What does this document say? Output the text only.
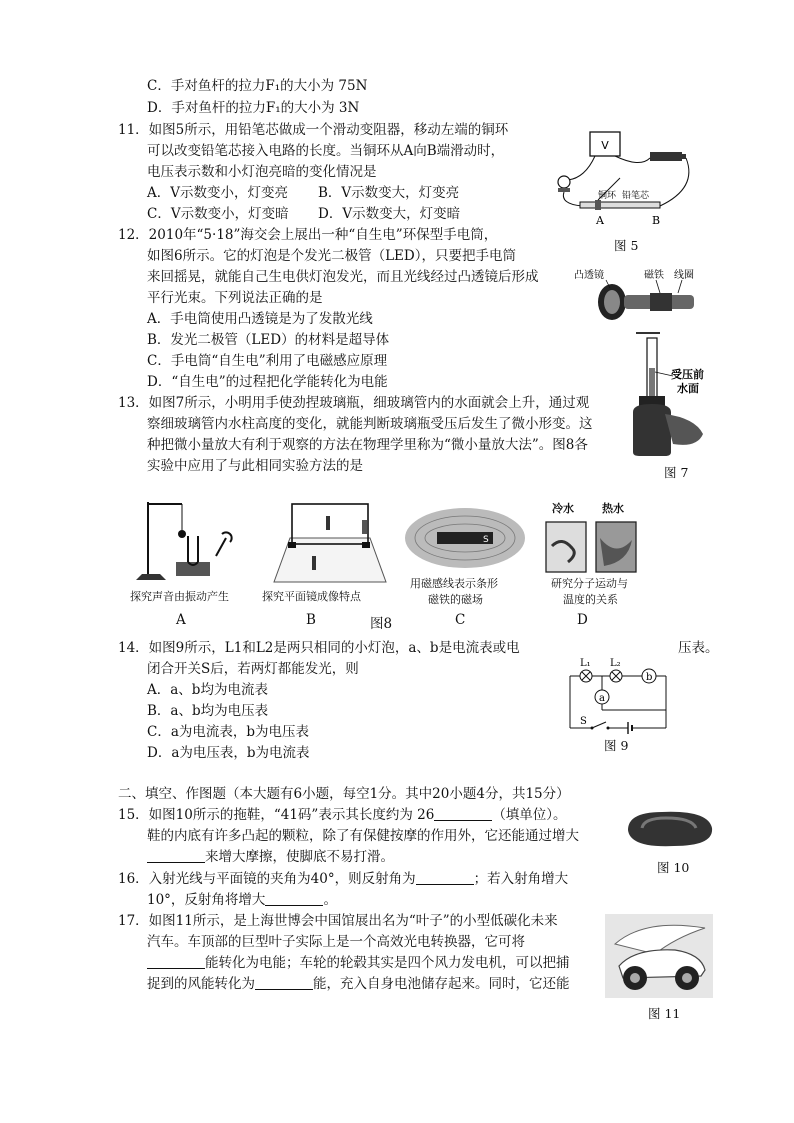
C．手对鱼杆的拉力F₁的大小为 75N
D．手对鱼杆的拉力F₁的大小为 3N
11．如图5所示，用铅笔芯做成一个滑动变阻器，移动左端的铜环
可以改变铅笔芯接入电路的长度。当铜环从A向B端滑动时，
电压表示数和小灯泡亮暗的变化情况是
A．V示数变小，灯变亮 B．V示数变大，灯变亮
C．V示数变小，灯变暗 D．V示数变大，灯变暗
V
铜环 铅笔芯
A	B
图 5
12．2010年“5·18”海交会上展出一种“自生电”环保型手电筒，
如图6所示。它的灯泡是个发光二极管（LED），只要把手电筒
来回摇晃，就能自己生电供灯泡发光，而且光线经过凸透镜后形成
平行光束。下列说法正确的是
A．手电筒使用凸透镜是为了发散光线
B．发光二极管（LED）的材料是超导体
C．手电筒“自生电”利用了电磁感应原理
D．“自生电”的过程把化学能转化为电能
凸透镜	磁铁 线圈
13．如图7所示，小明用手使劲捏玻璃瓶，细玻璃管内的水面就会上升，通过观
察细玻璃管内水柱高度的变化，就能判断玻璃瓶受压后发生了微小形变。这
种把微小量放大有利于观察的方法在物理学里称为“微小量放大法”。图8各
实验中应用了与此相同实验方法的是
受压前
水面
图 7
探究声音由振动产生
A
探究平面镜成像特点
B
S
用磁感线表示条形
磁铁的磁场
C
冷水	热水
研究分子运动与
温度的关系
D
图8
14．如图9所示，L1和L2是两只相同的小灯泡，a、b是电流表或电	压表。
闭合开关S后，若两灯都能发光，则
A．a、b均为电流表
B．a、b均为电压表
C．a为电流表，b为电压表
D．a为电压表，b为电流表
L₁ L₂
b
a
S
图 9
二、填空、作图题（本大题有6小题，每空1分。其中20小题4分，共15分）
15．如图10所示的拖鞋，“41码”表示其长度约为 26	（填单位）。
鞋的内底有许多凸起的颗粒，除了有保健按摩的作用外，它还能通过增大
来增大摩擦，使脚底不易打滑。
图 10
16．入射光线与平面镜的夹角为40°，则反射角为	；若入射角增大
10°，反射角将增大	。
17．如图11所示，是上海世博会中国馆展出名为“叶子”的小型低碳化未来
汽车。车顶部的巨型叶子实际上是一个高效光电转换器，它可将
能转化为电能；车轮的轮毂其实是四个风力发电机，可以把捕
捉到的风能转化为	能，充入自身电池储存起来。同时，它还能
图 11
